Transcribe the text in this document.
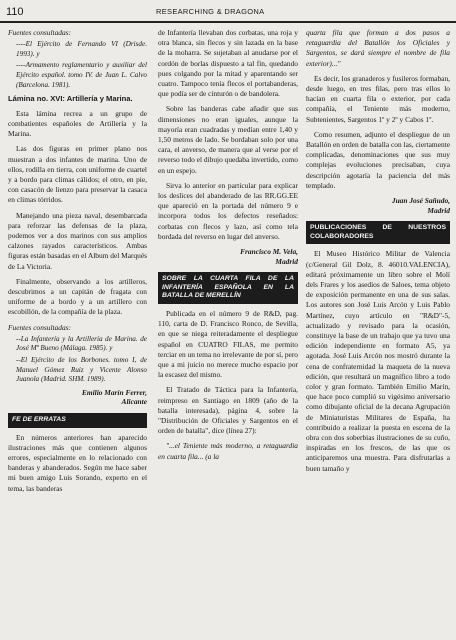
110	RESEARCHING & DRAGONA
Fuentes consultadas:
----El Ejército de Fernando VI (Drisde. 1993). y
----Armamento reglamentario y auxiliar del Ejército español. tomo IV. de Juan L. Calvo (Barcelona. 1981).
Lámina no. XVI: Artillería y Marina.

Esta lámina recrea a un grupo de combatientes españoles de Artillería y la Marina.

Las dos figuras en primer plano nos muestran a dos infantes de marina. Uno de ellos, rodilla en tierra, con uniforme de cuartel y a bordo para climas cálidos; el otro, en pie, con casacón de lienzo para preservar la casaca en climas tórridos.

Manejando una pieza naval, desembarcada para reforzar las defensas de la plaza, podemos ver a dos marinos con sus amplios calzones rayados característicos. Ambas figuras están basadas en el Album del Marqués de La Victoria.

Finalmente, observando a los artilleros, descubrimos a un capitán de fragata con uniforme de a bordo y a un artillero con escobillón, de la compañía de la plaza.

Fuentes consultadas:
--La Infantería y la Artillería de Marina. de José Mª Bueno (Málaga. 1985). y
--El Ejército de los Borbones. tomo I, de Manuel Gómez Ruiz y Vicente Alonso Juanola (Madrid. SHM. 1989).
Emilio Marín Ferrer,
Alicante
FE DE ERRATAS

En números anteriores han aparecido ilustraciones más que contienen algunos errores, especialmente en lo relacionado con banderas y abanderados. Según me hace saber mi buen amigo Luis Sorando, experto en el tema, las banderas

de Infantería llevaban dos corbatas, una roja y otra blanca, sin flecos y sin lazada en la base de la moharra. Se sujetaban al anudarse por el cordón de borlas dispuesto a tal fin, quedando pues colgando por la mitad y aparentando ser cuatro. Tampoco tenía flecos el portabanderas, que podía ser de cinturón o de bandolera.

Sobre las banderas cabe añadir que sus dimensiones no eran iguales, aunque la mayoría eran cuadradas y medían entre 1,40 y 1,50 metros de lado. Se bordaban solo por una cara, el anverso, de manera que al verse por el reverso todo el dibujo quedaba invertido, como en un espejo.

Sirva lo anterior en particular para explicar los deslices del abanderado de las RR.GG.EE que apareció en la portada del número 9 e incorpora todos los defectos reseñados: corbatas con flecos y lazo, así como tela bordada del reverso en lugar del anverso.

Francisco M. Vela,
Madrid
SOBRE LA CUARTA FILA DE LA INFANTERÍA ESPAÑOLA EN LA BATALLA DE MERELLÍN

Publicada en el número 9 de R&D, pag. 110, carta de D. Francisco Ronco, de Sevilla, en que se niega reiteradamente el despliegue español en CUATRO FILAS, me permito terciar en un tema no irrelevante de por sí, pero que a mi juicio no merece mucho espacio por la escasez del mismo.

El Tratado de Táctica para la Infantería, reimpreso en Santiago en 1809 (año de la batalla interesada), página 4, sobre la "Distribución de Oficiales y Sargentos en el orden de batalla", dice (línea 27):

"...el Teniente más moderno, a retaguardia en cuarta fila... (a la

quarta fila que forman a dos pasos a retaguardia del Batallón los Oficiales y Sargentos, se dará siempre el nombre de fila exterior)..."

Es decir, los granaderos y fusileros formaban, desde luego, en tres filas, pero tras ellos lo hacían en cuarta fila o exterior, por cada compañía, el Teniente más moderno, Subtenientes, Sargentos 1º y 2º y Cabos 1º.

Como resumen, adjunto el despliegue de un Batallón en orden de batalla con las, ciertamente complicadas, denominaciones que sus muy complejas evoluciones precisaban, cuya descripción agotaría la paciencia del más templado.

Juan José Sañudo,
Madrid
PUBLICACIONES DE NUESTROS COLABORADORES

El Museo Histórico Militar de Valencia (c/General Gil Dolz, 8. 46010.VALENCIA), editará próximamente un libro sobre el Molí dels Frares y los asedios de Saloes, tema objeto de exposición permanente en una de sus salas. Los autores son José Luis Arcón y Luis Pablo Martínez, cuyo artículo en "R&D"-5, actualizado y revisado para la ocasión, constituye la base de un trabajo que ya tuvo una edición independiente en formato A5, ya agotada. José Luis Arcón nos mostró durante la cena de confraternidad la maqueta de la nueva edición, que resultará un magnífico libro a todo color y gran formato. También Emilio Marín, que hace poco cumplió su vigésimo aniversario como dibujante oficial de la decana Agrupación de Miniaturistas Militares de España, ha contribuido a realizar la puesta en escena de la obra con dos soberbias ilustraciones de su cuño, inspiradas en los frescos, de las que os anticiparemos una muestra. Para disfrutarlas a buen tamaño y
